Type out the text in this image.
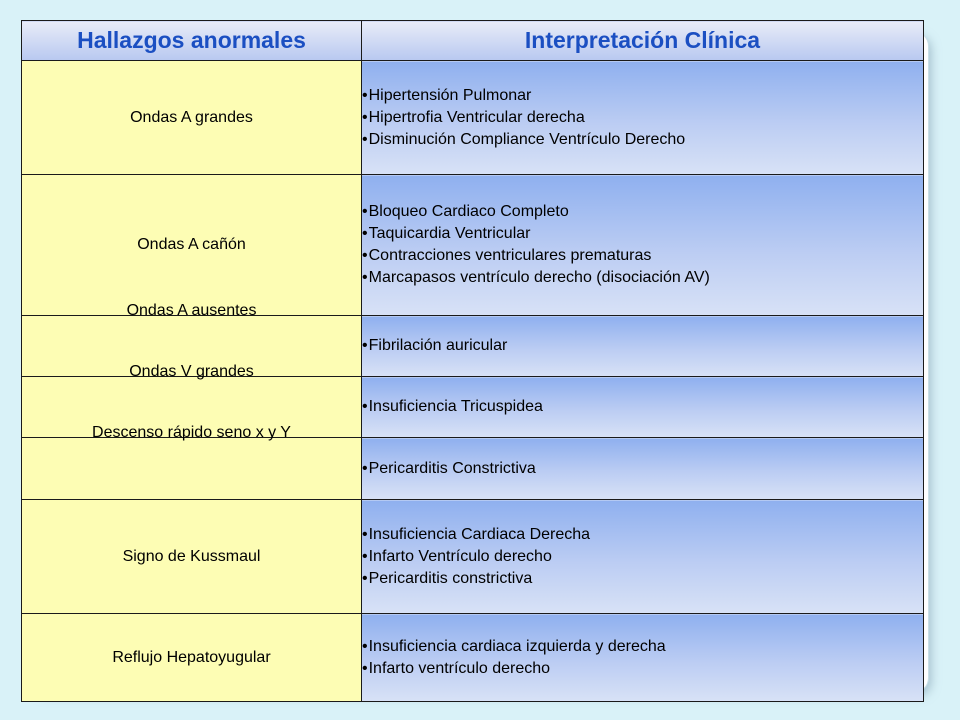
Hallazgos anormales	Interpretación Clínica
Ondas A grandes	•Hipertensión Pulmonar
•Hipertrofia Ventricular derecha
•Disminución Compliance Ventrículo Derecho

Ondas A cañón	•Bloqueo Cardiaco Completo
•Taquicardia Ventricular
•Contracciones ventriculares prematuras
•Marcapasos ventrículo derecho (disociación AV)

Ondas A ausentes	•Fibrilación auricular

Ondas V grandes	•Insuficiencia Tricuspidea

Descenso rápido seno x y Y	•Pericarditis Constrictiva

Signo de Kussmaul	•Insuficiencia Cardiaca Derecha
•Infarto Ventrículo derecho
•Pericarditis constrictiva

Reflujo Hepatoyugular	•Insuficiencia cardiaca izquierda y derecha
•Infarto ventrículo derecho
